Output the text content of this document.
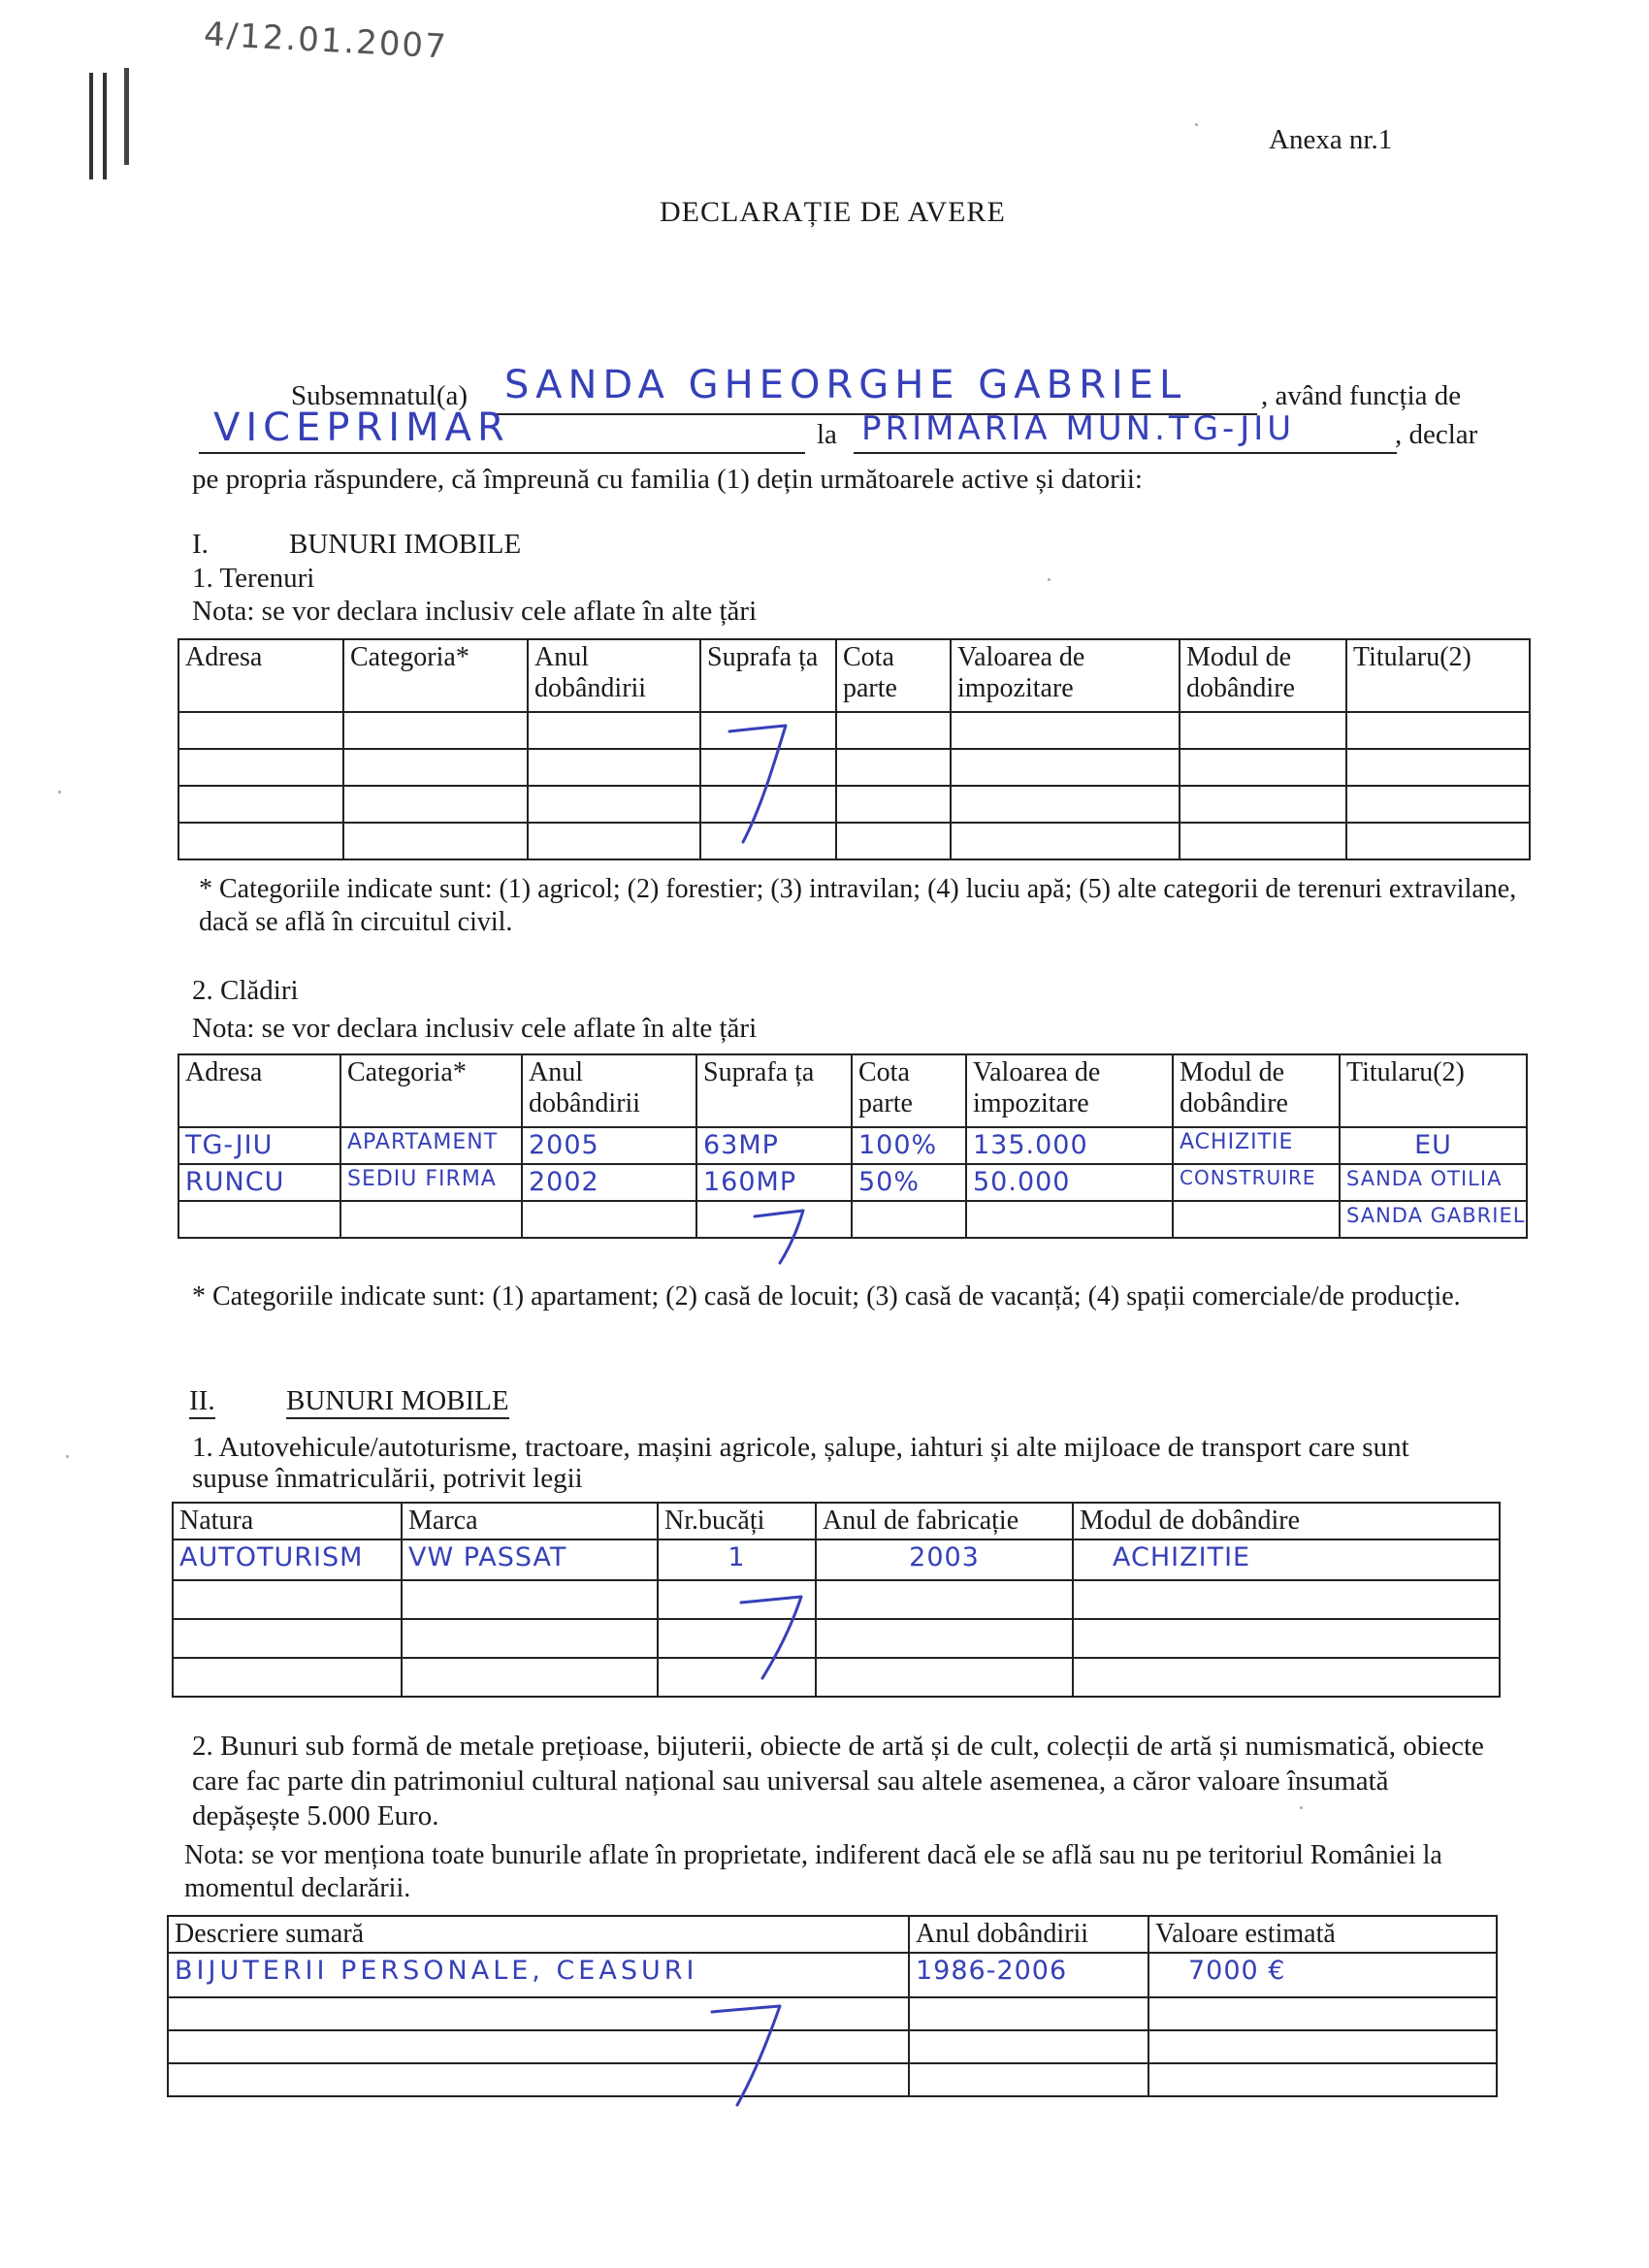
4/12.01.2007
Anexa nr.1
DECLARAȚIE DE AVERE
Subsemnatul(a) SANDA GHEORGHE GABRIEL	, având funcția de
VICEPRIMAR	la PRIMARIA MUN.TG-JIU	, declar
pe propria răspundere, că împreună cu familia (1) dețin următoarele active și datorii:
I.	BUNURI IMOBILE
1. Terenuri
Nota: se vor declara inclusiv cele aflate în alte țări
Adresa	Categoria*	Anul dobândirii	Suprafa ța	Cota parte	Valoarea de impozitare	Modul de dobândire	Titularu(2)

* Categoriile indicate sunt: (1) agricol; (2) forestier; (3) intravilan; (4) luciu apă; (5) alte categorii de terenuri extravilane, dacă se află în circuitul civil.
2. Clădiri
Nota: se vor declara inclusiv cele aflate în alte țări
Adresa	Categoria*	Anul dobândirii	Suprafa ța	Cota parte	Valoarea de impozitare	Modul de dobândire	Titularu(2)
TG-JIU	APARTAMENT	2005	63MP	100%	135.000	ACHIZITIE	EU
RUNCU	SEDIU FIRMA	2002	160MP	50%	50.000	CONSTRUIRE	SANDA OTILIA
							SANDA GABRIEL
* Categoriile indicate sunt: (1) apartament; (2) casă de locuit; (3) casă de vacanță; (4) spații comerciale/de producție.
II.	BUNURI MOBILE
1. Autovehicule/autoturisme, tractoare, mașini agricole, șalupe, iahturi și alte mijloace de transport care sunt supuse înmatriculării, potrivit legii
Natura	Marca	Nr.bucăți	Anul de fabricație	Modul de dobândire
AUTOTURISM	VW PASSAT	1	2003	ACHIZITIE

2. Bunuri sub formă de metale prețioase, bijuterii, obiecte de artă și de cult, colecții de artă și numismatică, obiecte care fac parte din patrimoniul cultural național sau universal sau altele asemenea, a căror valoare însumată depășește 5.000 Euro.
Nota: se vor menționa toate bunurile aflate în proprietate, indiferent dacă ele se află sau nu pe teritoriul României la momentul declarării.
Descriere sumară	Anul dobândirii	Valoare estimată
BIJUTERII PERSONALE, CEASURI	1986-2006	7000 €
